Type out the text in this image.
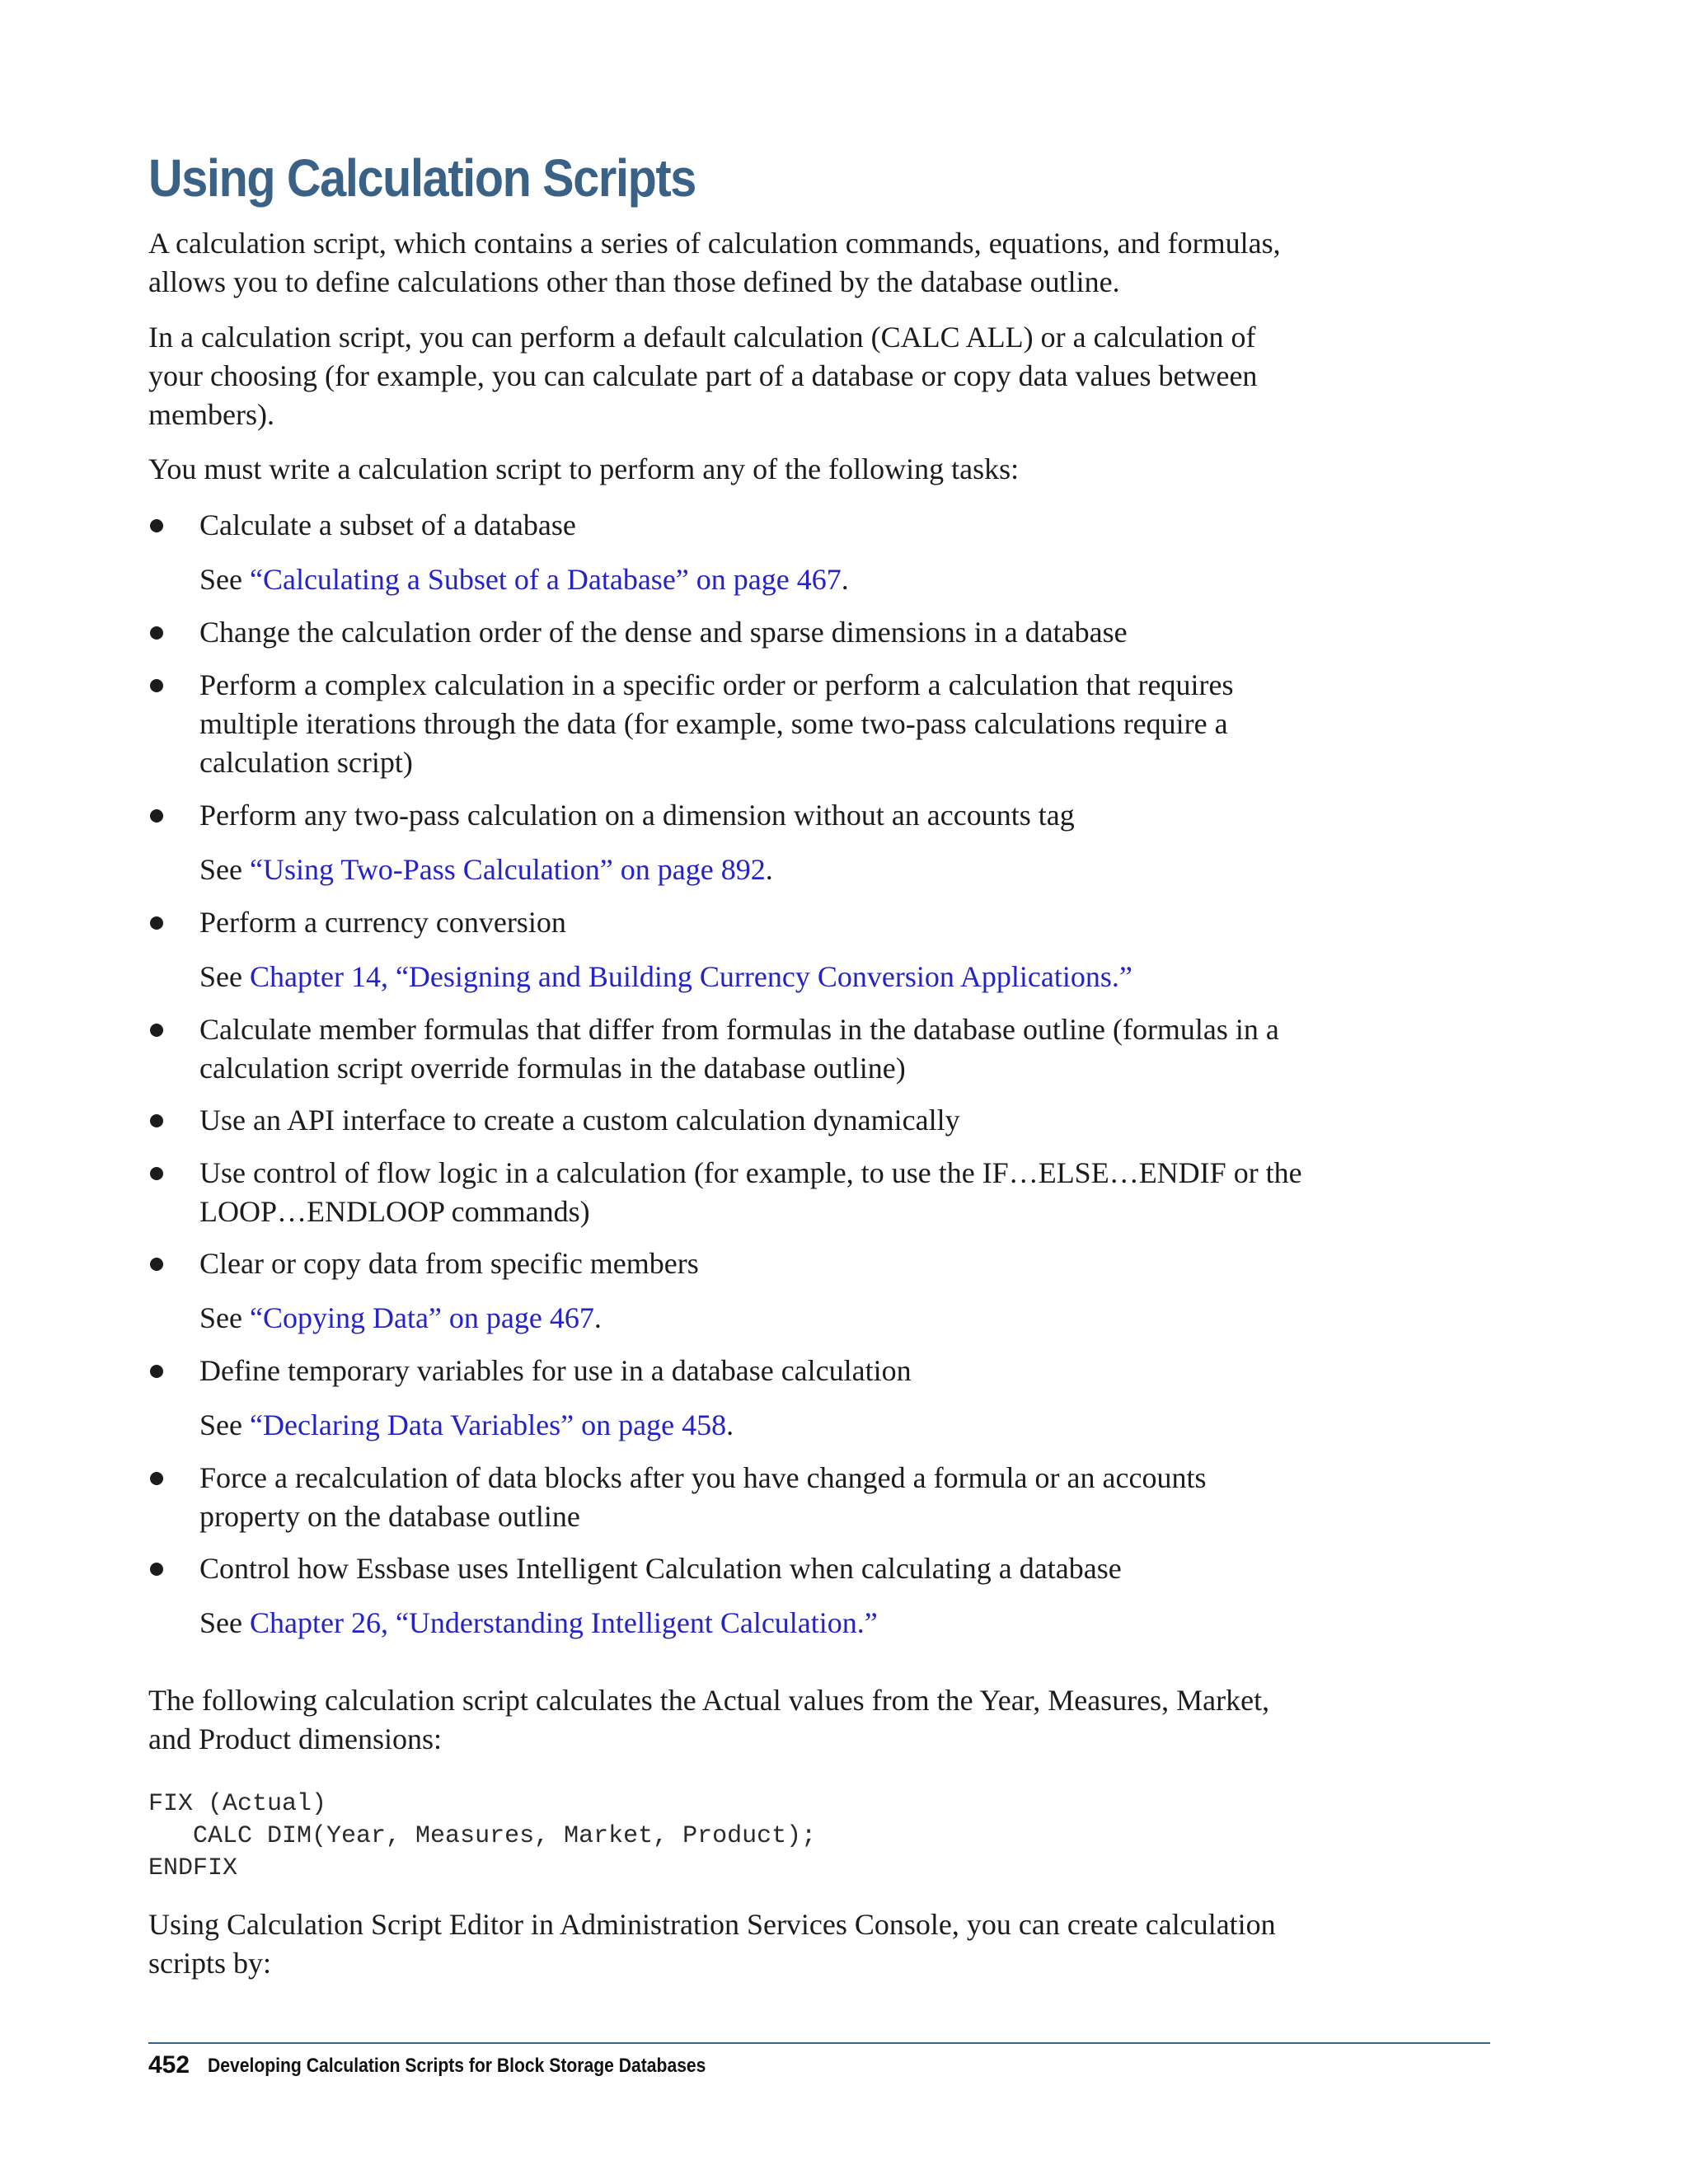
Using Calculation Scripts

A calculation script, which contains a series of calculation commands, equations, and formulas, allows you to define calculations other than those defined by the database outline.

In a calculation script, you can perform a default calculation (CALC ALL) or a calculation of your choosing (for example, you can calculate part of a database or copy data values between members).

You must write a calculation script to perform any of the following tasks:

Calculate a subset of a database

See “Calculating a Subset of a Database” on page 467.

Change the calculation order of the dense and sparse dimensions in a database

Perform a complex calculation in a specific order or perform a calculation that requires multiple iterations through the data (for example, some two-pass calculations require a calculation script)

Perform any two-pass calculation on a dimension without an accounts tag

See “Using Two-Pass Calculation” on page 892.

Perform a currency conversion

See Chapter 14, “Designing and Building Currency Conversion Applications.”

Calculate member formulas that differ from formulas in the database outline (formulas in a calculation script override formulas in the database outline)

Use an API interface to create a custom calculation dynamically

Use control of flow logic in a calculation (for example, to use the IF…ELSE…ENDIF or the LOOP…ENDLOOP commands)

Clear or copy data from specific members

See “Copying Data” on page 467.

Define temporary variables for use in a database calculation

See “Declaring Data Variables” on page 458.

Force a recalculation of data blocks after you have changed a formula or an accounts property on the database outline

Control how Essbase uses Intelligent Calculation when calculating a database

See Chapter 26, “Understanding Intelligent Calculation.”

The following calculation script calculates the Actual values from the Year, Measures, Market, and Product dimensions:

FIX (Actual)
CALC DIM(Year, Measures, Market, Product);
ENDFIX

Using Calculation Script Editor in Administration Services Console, you can create calculation scripts by:

452 Developing Calculation Scripts for Block Storage Databases
